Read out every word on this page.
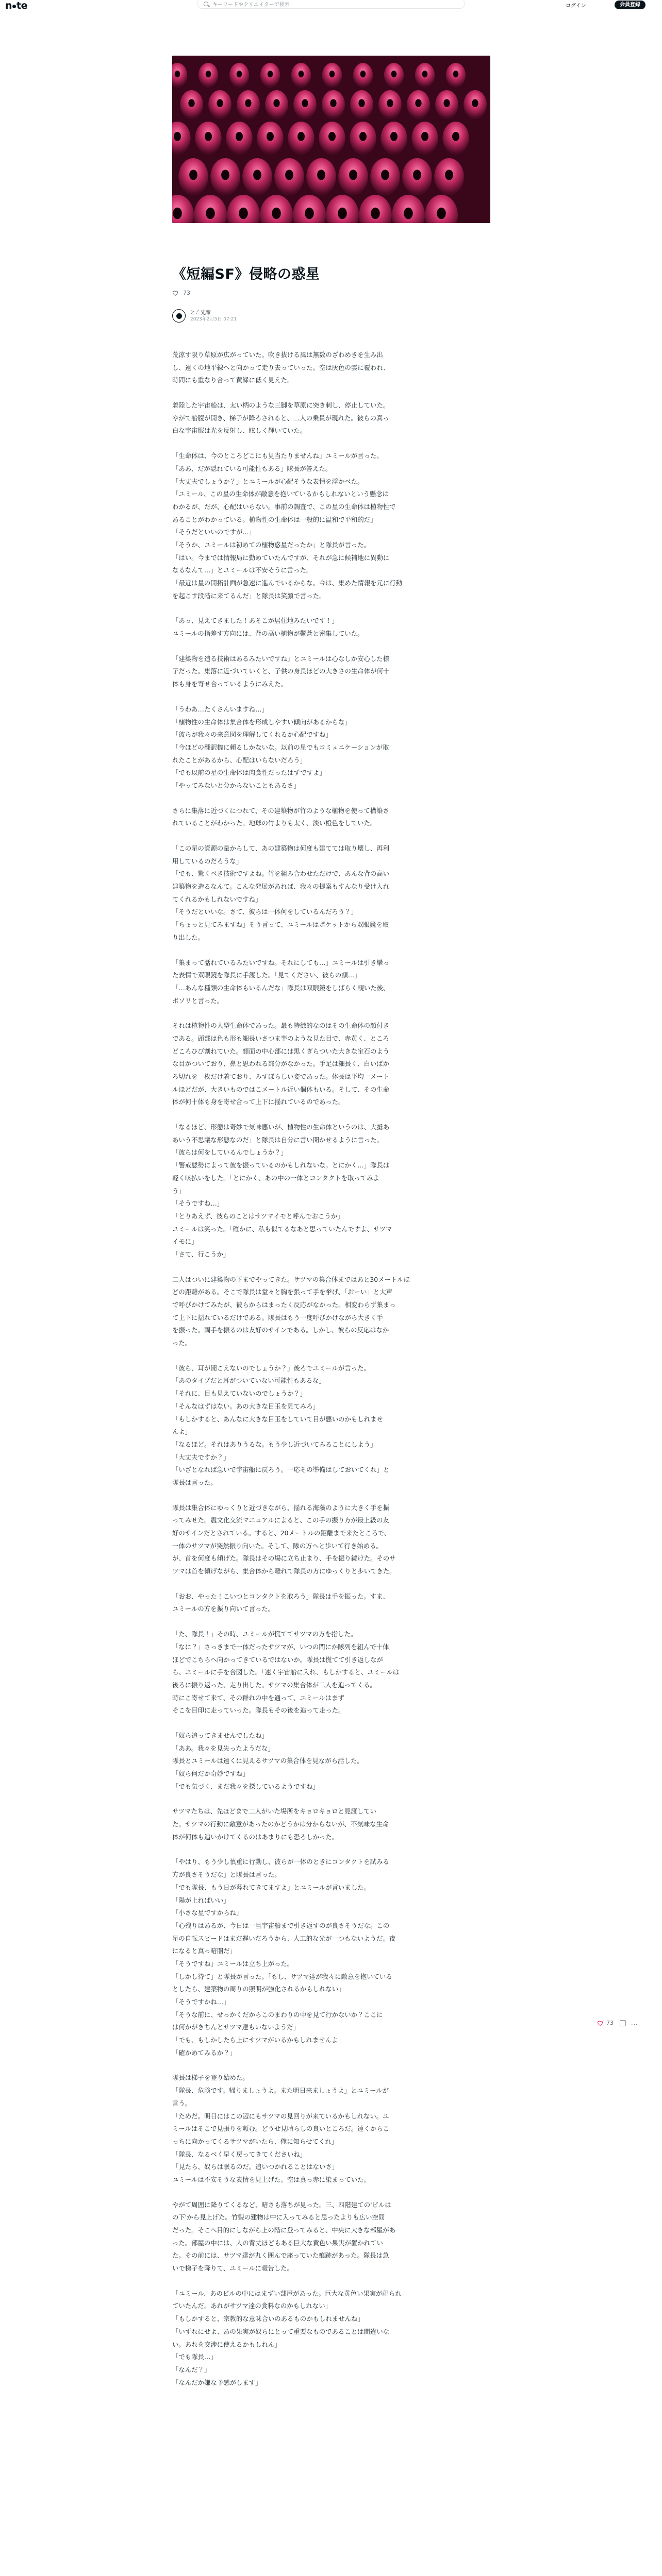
n te	キーワードやクリエイターで検索	ログイン	会員登録
《短編SF》侵略の惑星
73
とこ先輩
2023年2月5日 07:21
荒涼す限り草原が広がっていた。吹き抜ける風は無数のざわめきを生み出
し、遠くの地平線へと向かって走り去っていった。空は灰色の雲に覆われ、
時間にも重なり合って黄緑に低く見えた。
着陸した宇宙船は、太い柄のような三脚を草原に突き刺し、停止していた。
やがて船腹が開き、梯子が降ろされると、二人の乗員が現れた。彼らの真っ
白な宇宙服は光を反射し、眩しく輝いていた。
「生命体は、今のところどこにも見当たりませんね」ユミールが言った。
「ああ、だが隠れている可能性もある」隊長が答えた。
「大丈夫でしょうか？」とユミールが心配そうな表情を浮かべた。
「ユミール、この星の生命体が敵意を抱いているかもしれないという懸念は
わかるが、だが、心配はいらない。事前の調査で、この星の生命体は植物性で
あることがわかっている。植物性の生命体は一般的に温和で平和的だ」
「そうだといいのですが…」
「そうか、ユミールは初めての植物惑星だったか」と隊長が言った。
「はい。今までは情報局に勤めていたんですが、それが急に候補地に異動に
なるなんて…」とユミールは不安そうに言った。
「最近は星の開拓計画が急速に進んでいるからな。今は、集めた情報を元に行動
を起こす段階に来てるんだ」と隊長は笑顔で言った。
「あっ、見えてきました！あそこが居住地みたいです！」
ユミールの指差す方向には、背の高い植物が鬱蒼と密集していた。
「建築物を造る技術はあるみたいですね」とユミールは心なしか安心した様
子だった。集落に近づいていくと、子供の身長ほどの大きさの生命体が何十
体も身を寄せ合っているようにみえた。
「うわあ…たくさんいますね…」
「植物性の生命体は集合体を形成しやすい傾向があるからな」
「彼らが我々の来意図を理解してくれるか心配ですね」
「今ほどの翻訳機に頼るしかないな。以前の星でもコミュニケーションが取
れたことがあるから、心配はいらないだろう」
「でも以前の星の生命体は肉食性だったはずですよ」
「やってみないと分からないこともあるさ」
さらに集落に近づくにつれて、その建築物が竹のような植物を使って構築さ
れていることがわかった。地球の竹よりも太く、淡い橙色をしていた。
「この星の資源の量からして、あの建築物は何度も建てては取り壊し、再利
用しているのだろうな」
「でも、驚くべき技術ですよね。竹を組み合わせただけで、あんな背の高い
建築物を造るなんて。こんな発展があれば、我々の提案もすんなり受け入れ
てくれるかもしれないですね」
「そうだといいな。さて、彼らは一体何をしているんだろう？」
「ちょっと見てみますね」そう言って、ユミールはポケットから双眼鏡を取
り出した。
「集まって話れているみたいですね。それにしても…」ユミールは引き攣っ
た表情で双眼鏡を隊長に手渡した。「見てください、彼らの顔…」
「…あんな種類の生命体もいるんだな」隊長は双眼鏡をしばらく覗いた後、
ボソリと言った。
それは植物性の人型生命体であった。最も特徴的なのはその生命体の顔付き
である。頭部は色も形も細長いさつま芋のような見た目で、赤黄く、ところ
どころひび割れていた。顔面の中心部には黒くぎらついた大きな宝石のよう
な目がついており、鼻と思われる部分がなかった。手足は細長く、白いばか
ろ切れを一枚だけ着ており、みすぼらしい姿であった。体長は平均一メート
ルほどだが、大きいものではこメートル近い個体もいる。そして、その生命
体が何十体も身を寄せ合って上下に揺れているのであった。
「なるほど、形態は奇妙で気味悪いが、植物性の生命体というのは、大抵あ
あいう不思議な形態なのだ」と隊長は自分に言い聞かせるように言った。
「彼らは何をしているんでしょうか？」
「警戒態勢によって彼を振っているのかもしれないな。とにかく…」隊長は
軽く咳払いをした。「とにかく、あの中の一体とコンタクトを取ってみよ
う」
「そうですね…」
「とりあえず、彼らのことはサツマイモと呼んでおこうか」
ユミールは笑った。「確かに、私も似てるなあと思っていたんですよ、サツマ
イモに」
「さて、行こうか」
二人はついに建築物の下までやってきた。サツマの集合体まではあと30メートルほ
どの距離がある。そこで隊長は堂々と胸を張って手を挙げ、「おーい」と大声
で呼びかけてみたが、彼らからはまったく反応がなかった。相変わらず集まっ
て上下に揺れているだけである。隊長はもう一度呼びかけながら大きく手
を振った。両手を振るのは友好のサインである。しかし、彼らの反応はなか
った。
「彼ら、耳が聞こえないのでしょうか？」後ろでユミールが言った。
「あのタイプだと耳がついていない可能性もあるな」
「それに、目も見えていないのでしょうか？」
「そんなはずはない。あの大きな目玉を見てみろ」
「もしかすると、あんなに大きな目玉をしていて目が悪いのかもしれませ
んよ」
「なるほど。それはありうるな。もう少し近づいてみることにしよう」
「大丈夫ですか？」
「いざとなれば急いで宇宙船に戻ろう。一応その準備はしておいてくれ」と
隊長は言った。
隊長は集合体にゆっくりと近づきながら、揺れる海藻のように大きく手を振
ってみせた。震文化交流マニュアルによると、この手の振り方が最上級の友
好のサインだとされている。すると、20メートルの距離まで来たところで、
一体のサツマが突然振り向いた。そして、隊の方へと歩いて行き始める。
が、首を何度も傾げた。隊長はその場に立ち止まり、手を振り続けた。そのサ
ツマは首を傾げながら、集合体から離れて隊長の方にゆっくりと歩いてきた。
「おお、やった！こいつとコンタクトを取ろう」隊長は手を振った。すま、
ユミールの方を振り向いて言った。
「た、隊長！」その時、ユミールが慌ててサツマの方を指した。
「なに？」さっきまで一体だったサツマが、いつの間にか隊列を組んで十体
ほどでこちらへ向かってきているではないか。隊長は慌てて引き返しなが
ら、ユミールに手を合図した。「速く宇宙船に入れ、もしかすると、ユミールは
後ろに振り返った、走り出した。サツマの集合体が二人を追ってくる。
時にこ寄せて来て、その群れの中を通って、ユミールはまず
そこを目印に走っていった。隊長もその後を追って走った。
「奴ら追ってきませんでしたね」
「ああ。我々を見失ったようだな」
隊長とユミールは遠くに見えるサツマの集合体を見ながら話した。
「奴ら何だか奇妙ですね」
「でも気づく、まだ我々を探しているようですね」
サツマたちは、先ほどまで二人がいた場所をキョロキョロと見渡してい
た。サツマの行動に敵意があったのかどうかは分からないが、不気味な生命
体が何体も追いかけてくるのはあまりにも恐ろしかった。
「やはり、もう少し慎重に行動し、彼らが一体のときにコンタクトを試みる
方が良さそうだな」と隊長は言った。
「でも隊長、もう日が暮れてきてますよ」とユミールが言いました。
「陽が上ればいい」
「小さな星ですからね」
「心残りはあるが、今日は一旦宇宙船まで引き返すのが良さそうだな。この
星の自転スピードはまだ遅いだろうから、人工的な光が一つもないようだ。夜
になると真っ暗闇だ」
「そうですね」ユミールは立ち上がった。
「しかし待て」と隊長が言った。「もし、サツマ達が我々に敵意を抱いている
としたら、建築物の周りの照明が強化されるかもしれない」
「そうですかね…」
「そうな前に、せっかくだからこのまわりの中を見て行かないか？ここに
は何かがきちんとサツマ達もいないようだ」
「でも、もしかしたら上にサツマがいるかもしれませんよ」
「確かめてみるか？」
隊長は梯子を登り始めた。
「隊長、危険です。帰りましょうよ。また明日来ましょうよ」とユミールが
言う。
「ためだ。明日にはこの辺にもサツマの見回りが来ているかもしれない。ユ
ミールはそこで見張りを頼む。どうせ見晴らしの良いところだ。遠くからこ
っちに向かってくるサツマがいたら、俺に知らせてくれ」
「隊長、なるべく早く戻ってきてくださいね」
「見たら、奴らは眠るのだ。追いつかれることはないさ」
ユミールは不安そうな表情を見上げた。空は真っ赤に染まっていた。
やがて周囲に降りてくるなど、暗さも落ちが見った。三、四階建ての'ビルは
の下'から見上げた。竹製の建物は中に入ってみると思ったよりも広い空間
だった。そこへ目的にしながら上の階に登ってみると、中央に大きな部屋があ
った。部屋の中には、人の背丈ほどもある巨大な黄色い果実が置かれてい
た。その前には、サツマ達が丸く囲んで座っていた痕跡があった。隊長は急
いで梯子を降りて、ユミールに報告した。
「ユミール、あのビルの中にはまずい部屋があった。巨大な黄色い果実が祀られ
ていたんだ。あれがサツマ達の食料なのかもしれない」
「もしかすると、宗教的な意味合いのあるものかもしれませんね」
「いずれにせよ、あの果実が奴らにとって重要なものであることは間違いな
い。あれを交渉に使えるかもしれん」
「でも隊長…」
「なんだ？」
「なんだか嫌な予感がします」
73	...
